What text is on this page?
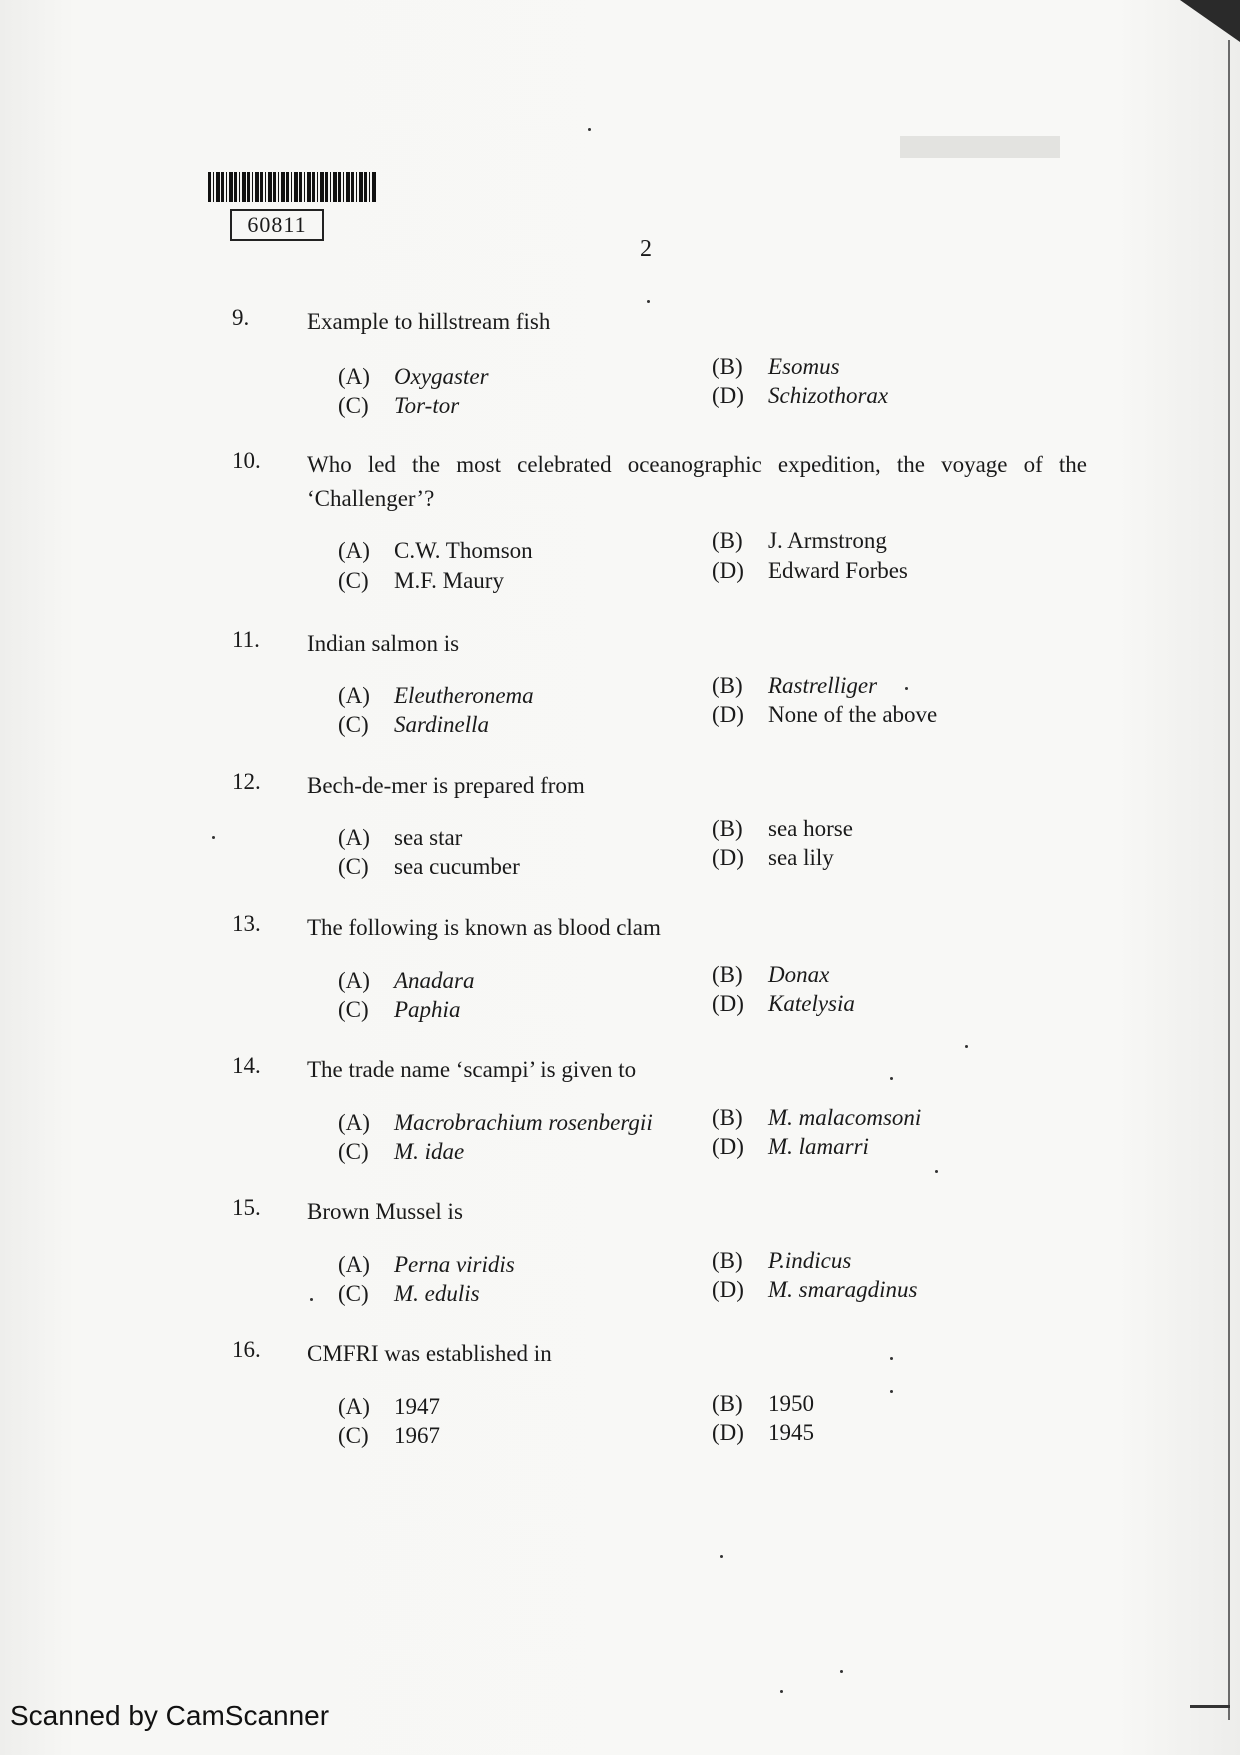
60811
2
9.	Example to hillstream fish
(A) Oxygaster	(B) Esomus
(C) Tor-tor	(D) Schizothorax
10. Who led the most celebrated oceanographic expedition, the voyage of the ‘Challenger’?
(A) C.W. Thomson	(B) J. Armstrong
(C) M.F. Maury	(D) Edward Forbes
11. Indian salmon is
(A) Eleutheronema	(B) Rastrelliger
(C) Sardinella	(D) None of the above
12. Bech-de-mer is prepared from
(A) sea star	(B) sea horse
(C) sea cucumber	(D) sea lily
13. The following is known as blood clam
(A) Anadara	(B) Donax
(C) Paphia	(D) Katelysia
14. The trade name ‘scampi’ is given to
(A) Macrobrachium rosenbergii	(B) M. malacomsoni
(C) M. idae	(D) M. lamarri
15. Brown Mussel is
(A) Perna viridis	(B) P.indicus
(C) M. edulis	(D) M. smaragdinus
16. CMFRI was established in
(A) 1947	(B) 1950
(C) 1967	(D) 1945
Scanned by CamScanner
